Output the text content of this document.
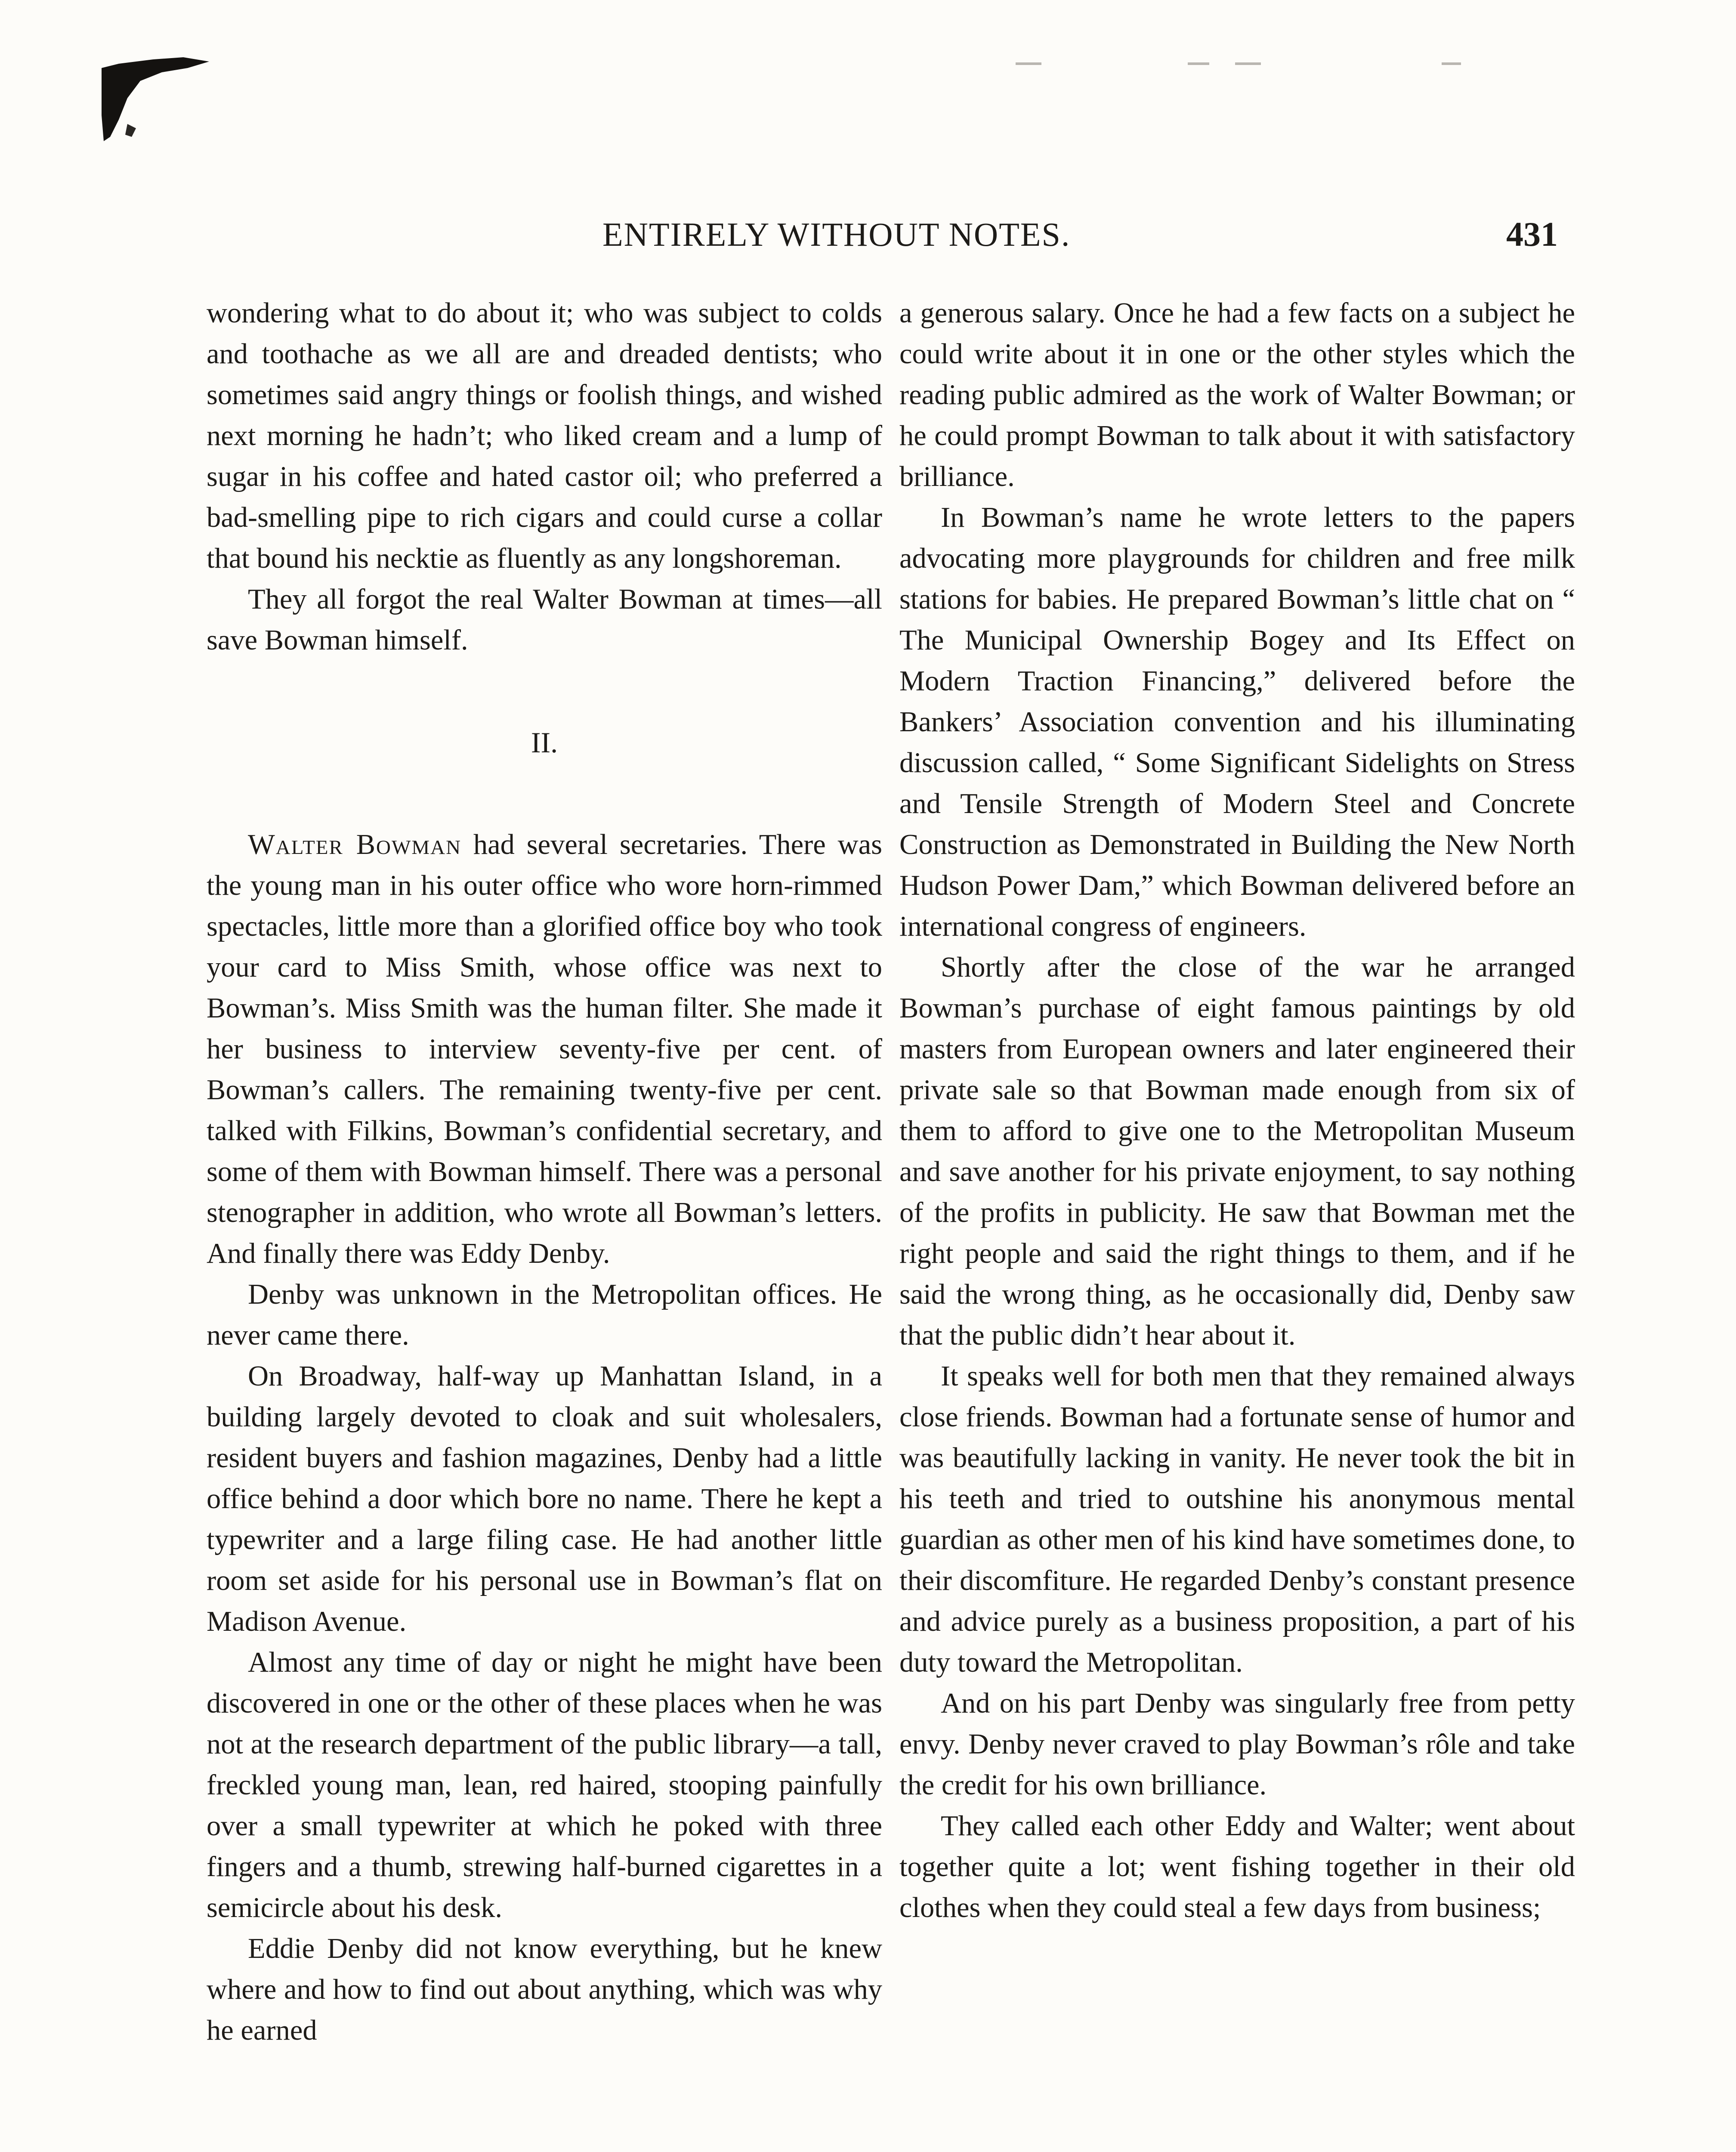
ENTIRELY WITHOUT NOTES.	431

wondering what to do about it; who was subject to colds and toothache as we all are and dreaded dentists; who sometimes said angry things or foolish things, and wished next morning he hadn’t; who liked cream and a lump of sugar in his coffee and hated castor oil; who preferred a bad-smelling pipe to rich cigars and could curse a collar that bound his necktie as fluently as any longshoreman.

They all forgot the real Walter Bowman at times—all save Bowman himself.

II.

Walter Bowman had several secretaries. There was the young man in his outer office who wore horn-rimmed spectacles, little more than a glorified office boy who took your card to Miss Smith, whose office was next to Bowman’s. Miss Smith was the human filter. She made it her business to interview seventy-five per cent. of Bowman’s callers. The remaining twenty-five per cent. talked with Filkins, Bowman’s confidential secretary, and some of them with Bowman himself. There was a personal stenographer in addition, who wrote all Bowman’s letters. And finally there was Eddy Denby.

Denby was unknown in the Metropolitan offices. He never came there.

On Broadway, half-way up Manhattan Island, in a building largely devoted to cloak and suit wholesalers, resident buyers and fashion magazines, Denby had a little office behind a door which bore no name. There he kept a typewriter and a large filing case. He had another little room set aside for his personal use in Bowman’s flat on Madison Avenue.

Almost any time of day or night he might have been discovered in one or the other of these places when he was not at the research department of the public library—a tall, freckled young man, lean, red haired, stooping painfully over a small typewriter at which he poked with three fingers and a thumb, strewing half-burned cigarettes in a semicircle about his desk.

Eddie Denby did not know everything, but he knew where and how to find out about anything, which was why he earned

a generous salary. Once he had a few facts on a subject he could write about it in one or the other styles which the reading public admired as the work of Walter Bowman; or he could prompt Bowman to talk about it with satisfactory brilliance.

In Bowman’s name he wrote letters to the papers advocating more playgrounds for children and free milk stations for babies. He prepared Bowman’s little chat on “ The Municipal Ownership Bogey and Its Effect on Modern Traction Financing,” delivered before the Bankers’ Association convention and his illuminating discussion called, “ Some Significant Sidelights on Stress and Tensile Strength of Modern Steel and Concrete Construction as Demonstrated in Building the New North Hudson Power Dam,” which Bowman delivered before an international congress of engineers.

Shortly after the close of the war he arranged Bowman’s purchase of eight famous paintings by old masters from European owners and later engineered their private sale so that Bowman made enough from six of them to afford to give one to the Metropolitan Museum and save another for his private enjoyment, to say nothing of the profits in publicity. He saw that Bowman met the right people and said the right things to them, and if he said the wrong thing, as he occasionally did, Denby saw that the public didn’t hear about it.

It speaks well for both men that they remained always close friends. Bowman had a fortunate sense of humor and was beautifully lacking in vanity. He never took the bit in his teeth and tried to outshine his anonymous mental guardian as other men of his kind have sometimes done, to their discomfiture. He regarded Denby’s constant presence and advice purely as a business proposition, a part of his duty toward the Metropolitan.

And on his part Denby was singularly free from petty envy. Denby never craved to play Bowman’s rôle and take the credit for his own brilliance.

They called each other Eddy and Walter; went about together quite a lot; went fishing together in their old clothes when they could steal a few days from business;
